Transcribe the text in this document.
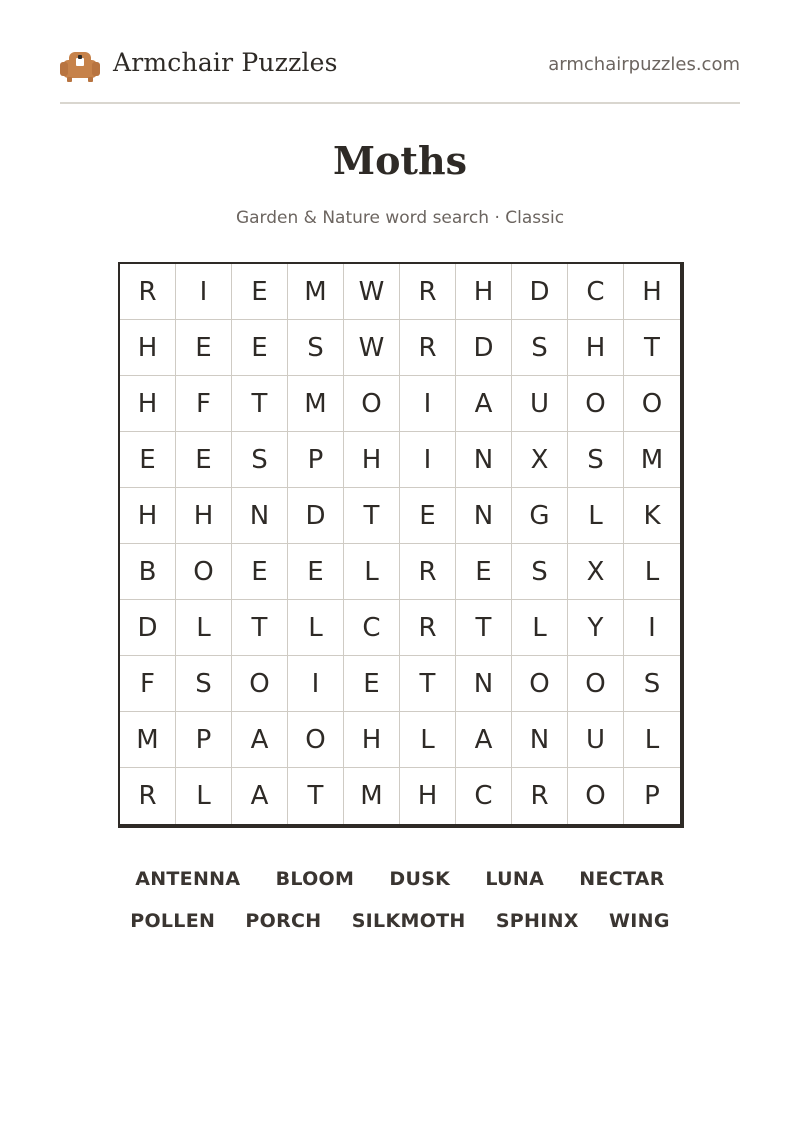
Armchair Puzzles	armchairpuzzles.com
Moths
Garden & Nature word search · Classic
R	I	E	M	W	R	H	D	C	H
H	E	E	S	W	R	D	S	H	T
H	F	T	M	O	I	A	U	O	O
E	E	S	P	H	I	N	X	S	M
H	H	N	D	T	E	N	G	L	K
B	O	E	E	L	R	E	S	X	L
D	L	T	L	C	R	T	L	Y	I
F	S	O	I	E	T	N	O	O	S
M	P	A	O	H	L	A	N	U	L
R	L	A	T	M	H	C	R	O	P
ANTENNA BLOOM DUSK LUNA NECTAR
POLLEN PORCH SILKMOTH SPHINX WING
